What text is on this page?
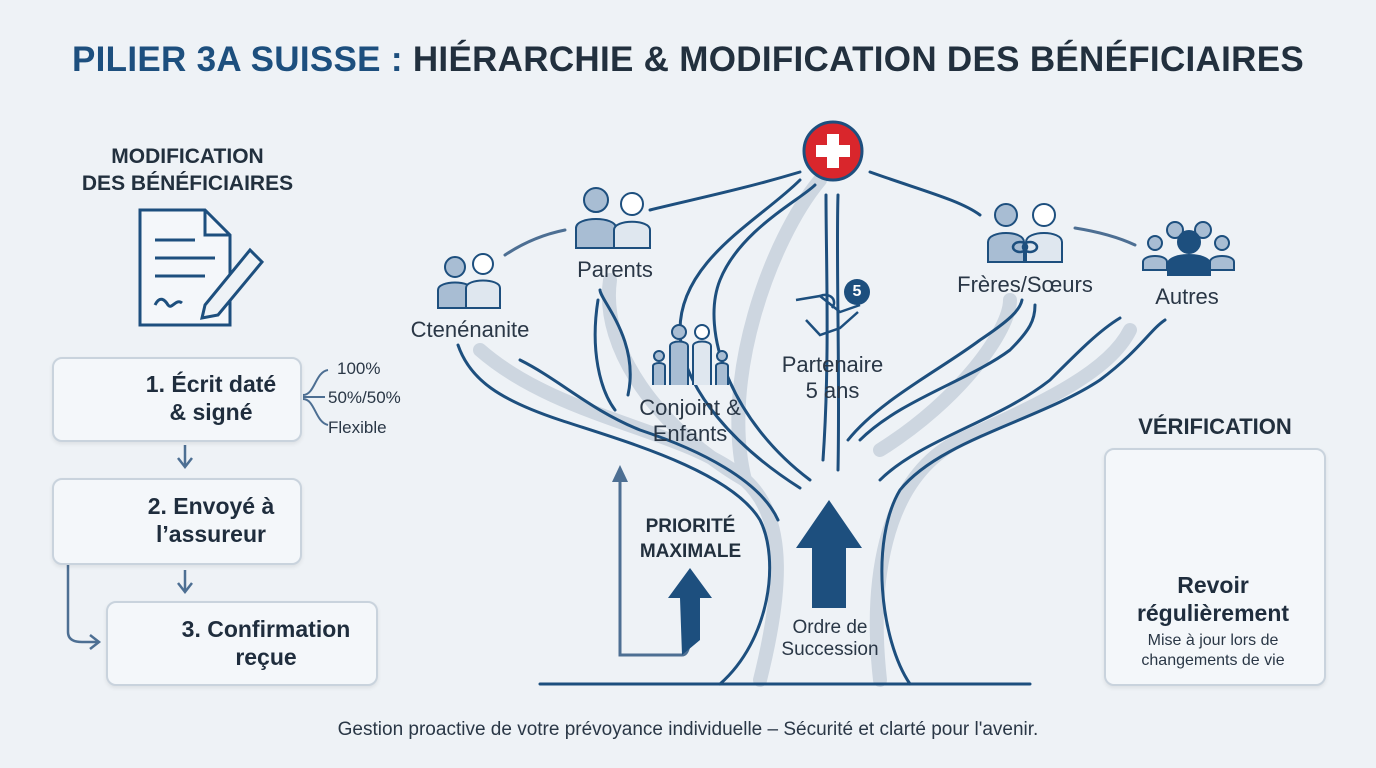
PILIER 3A SUISSE : HIÉRARCHIE & MODIFICATION DES BÉNÉFICIAIRES
MODIFICATION
DES BÉNÉFICIAIRES
1. Écrit daté
& signé
2. Envoyé à
l’assureur
3. Confirmation
reçue
100%
50%/50%
Flexible
Ctenénanite
Parents
Conjoint &
Enfants
Partenaire
5 ans
5	Frères/Sœurs	Autres
PRIORITÉ
MAXIMALE
Ordre de
Succession
VÉRIFICATION
Revoir
régulièrement
Mise à jour lors de
changements de vie
Gestion proactive de votre prévoyance individuelle – Sécurité et clarté pour l'avenir.
